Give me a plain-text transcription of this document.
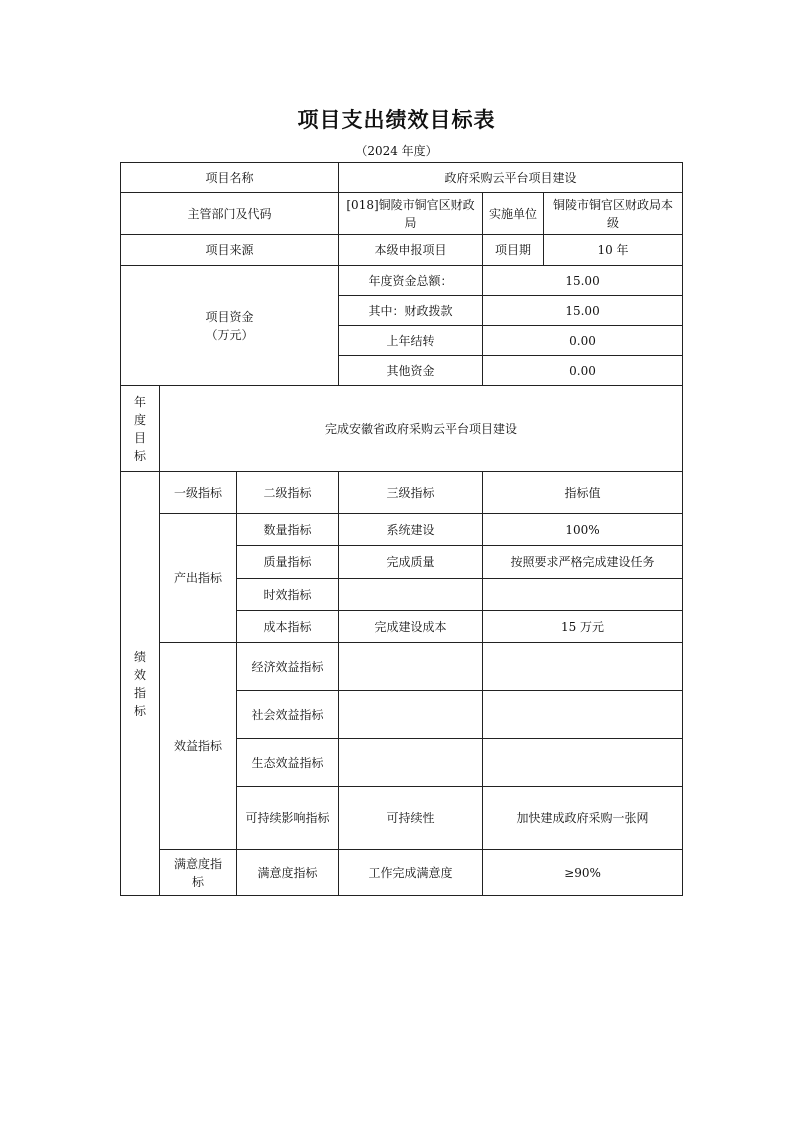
项目支出绩效目标表
（2024 年度）
项目名称			政府采购云平台项目建设		
主管部门及代码			[018]铜陵市铜官区财政局	实施单位	铜陵市铜官区财政局本级
项目来源			本级申报项目	项目期	10 年

项目资金
（万元）			年度资金总额：	15.00	
			其中：财政拨款	15.00	
			上年结转	0.00	
			其他资金	0.00	

年
度
目
标	完成安徽省政府采购云平台项目建设				

绩
效
指
标	一级指标	二级指标	三级指标	指标值	
	产出指标	数量指标	系统建设	100%	
		质量指标	完成质量	按照要求严格完成建设任务	
		时效指标			
		成本指标	完成建设成本	15 万元	
	效益指标	经济效益指标			
		社会效益指标			
		生态效益指标			
		可持续影响指标	可持续性	加快建成政府采购一张网	
	满意度指标	满意度指标	工作完成满意度	≥90%	
